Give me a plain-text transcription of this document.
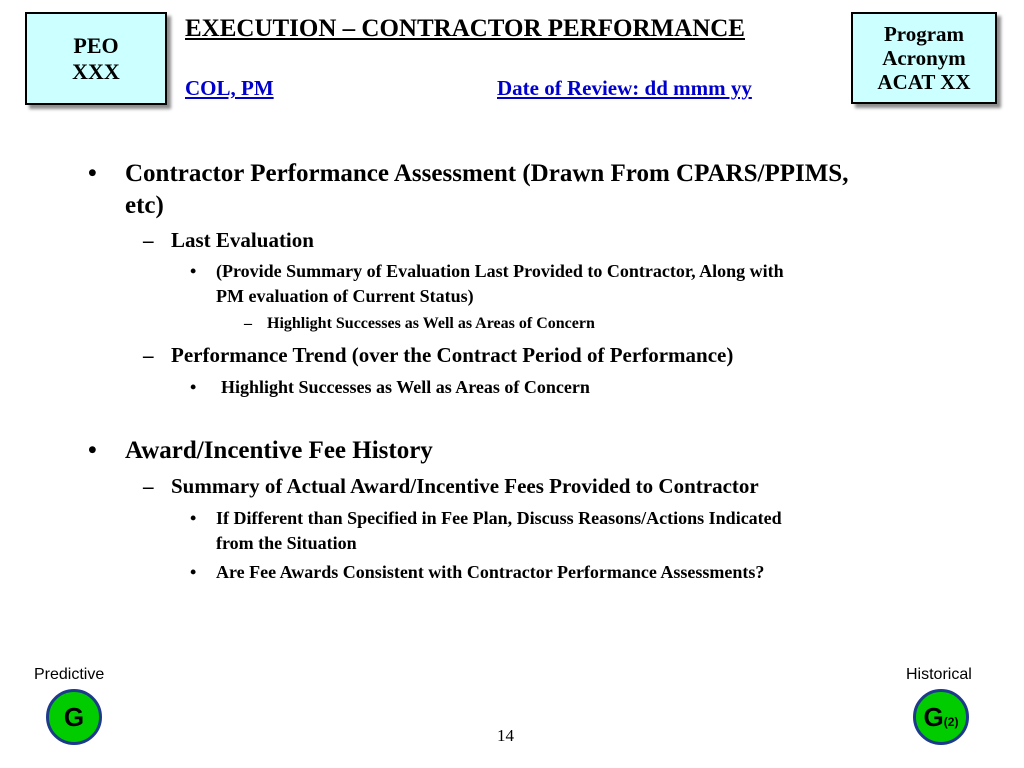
PEO
XXX
EXECUTION – CONTRACTOR PERFORMANCE

COL, PM	Date of Review: dd mmm yy

Program
Acronym
ACAT XX
• Contractor Performance Assessment (Drawn From CPARS/PPIMS,
etc)
– Last Evaluation
• (Provide Summary of Evaluation Last Provided to Contractor, Along with
PM evaluation of Current Status)
– Highlight Successes as Well as Areas of Concern
– Performance Trend (over the Contract Period of Performance)
• Highlight Successes as Well as Areas of Concern
• Award/Incentive Fee History
– Summary of Actual Award/Incentive Fees Provided to Contractor
• If Different than Specified in Fee Plan, Discuss Reasons/Actions Indicated
from the Situation
• Are Fee Awards Consistent with Contractor Performance Assessments?
Predictive
G
Historical
G (2)
14
